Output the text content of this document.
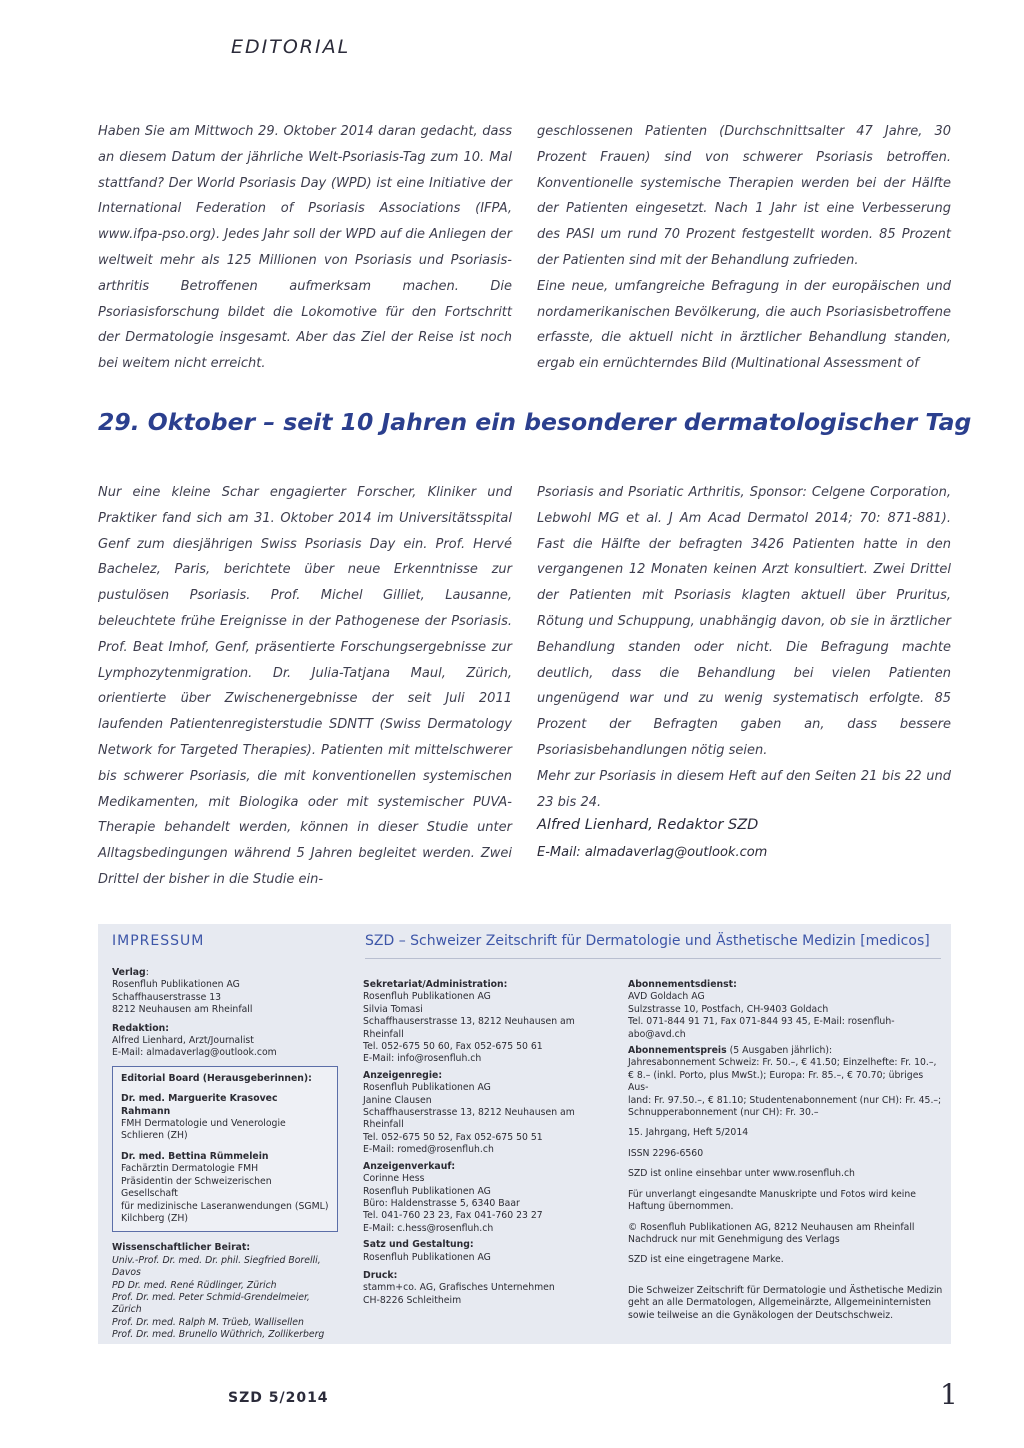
EDITORIAL

Haben Sie am Mittwoch 29. Oktober 2014 daran gedacht, dass an diesem Datum der jährliche Welt-Psoriasis-Tag zum 10. Mal stattfand? Der World Psoriasis Day (WPD) ist eine Initiative der International Federation of Psoriasis Associations (IFPA, www.ifpa-pso.org). Jedes Jahr soll der WPD auf die Anliegen der weltweit mehr als 125 Millionen von Psoriasis und Psoriasis-arthritis Betroffenen aufmerksam machen. Die Psoriasisforschung bildet die Lokomotive für den Fortschritt der Dermatologie insgesamt. Aber das Ziel der Reise ist noch bei weitem nicht erreicht.

geschlossenen Patienten (Durchschnittsalter 47 Jahre, 30 Prozent Frauen) sind von schwerer Psoriasis betroffen. Konventionelle systemische Therapien werden bei der Hälfte der Patienten eingesetzt. Nach 1 Jahr ist eine Verbesserung des PASI um rund 70 Prozent festgestellt worden. 85 Prozent der Patienten sind mit der Behandlung zufrieden.

Eine neue, umfangreiche Befragung in der europäischen und nordamerikanischen Bevölkerung, die auch Psoriasisbetroffene erfasste, die aktuell nicht in ärztlicher Behandlung standen, ergab ein ernüchterndes Bild (Multinational Assessment of

29. Oktober – seit 10 Jahren ein besonderer dermatologischer Tag

Nur eine kleine Schar engagierter Forscher, Kliniker und Praktiker fand sich am 31. Oktober 2014 im Universitätsspital Genf zum diesjährigen Swiss Psoriasis Day ein. Prof. Hervé Bachelez, Paris, berichtete über neue Erkenntnisse zur pustulösen Psoriasis. Prof. Michel Gilliet, Lausanne, beleuchtete frühe Ereignisse in der Pathogenese der Psoriasis. Prof. Beat Imhof, Genf, präsentierte Forschungsergebnisse zur Lymphozytenmigration. Dr. Julia-Tatjana Maul, Zürich, orientierte über Zwischenergebnisse der seit Juli 2011 laufenden Patientenregisterstudie SDNTT (Swiss Dermatology Network for Targeted Therapies). Patienten mit mittelschwerer bis schwerer Psoriasis, die mit konventionellen systemischen Medikamenten, mit Biologika oder mit systemischer PUVA-Therapie behandelt werden, können in dieser Studie unter Alltagsbedingungen während 5 Jahren begleitet werden. Zwei Drittel der bisher in die Studie ein-

Psoriasis and Psoriatic Arthritis, Sponsor: Celgene Corporation, Lebwohl MG et al. J Am Acad Dermatol 2014; 70: 871-881). Fast die Hälfte der befragten 3426 Patienten hatte in den vergangenen 12 Monaten keinen Arzt konsultiert. Zwei Drittel der Patienten mit Psoriasis klagten aktuell über Pruritus, Rötung und Schuppung, unabhängig davon, ob sie in ärztlicher Behandlung standen oder nicht. Die Befragung machte deutlich, dass die Behandlung bei vielen Patienten ungenügend war und zu wenig systematisch erfolgte. 85 Prozent der Befragten gaben an, dass bessere Psoriasisbehandlungen nötig seien.

Mehr zur Psoriasis in diesem Heft auf den Seiten 21 bis 22 und 23 bis 24.

Alfred Lienhard, Redaktor SZD
E-Mail: almadaverlag@outlook.com
IMPRESSUM	SZD – Schweizer Zeitschrift für Dermatologie und Ästhetische Medizin [medicos]
Verlag:
Rosenfluh Publikationen AG
Schaffhauserstrasse 13
8212 Neuhausen am Rheinfall
Redaktion:
Alfred Lienhard, Arzt/Journalist
E-Mail: almadaverlag@outlook.com
Editorial Board (Herausgeberinnen):
Dr. med. Marguerite Krasovec Rahmann
FMH Dermatologie und Venerologie
Schlieren (ZH)
Dr. med. Bettina Rümmelein
Fachärztin Dermatologie FMH
Präsidentin der Schweizerischen Gesellschaft
für medizinische Laseranwendungen (SGML)
Kilchberg (ZH)
Wissenschaftlicher Beirat:
Univ.-Prof. Dr. med. Dr. phil. Siegfried Borelli, Davos
PD Dr. med. René Rüdlinger, Zürich
Prof. Dr. med. Peter Schmid-Grendelmeier, Zürich
Prof. Dr. med. Ralph M. Trüeb, Wallisellen
Prof. Dr. med. Brunello Wüthrich, Zollikerberg
Sekretariat/Administration:
Rosenfluh Publikationen AG
Silvia Tomasi
Schaffhauserstrasse 13, 8212 Neuhausen am Rheinfall
Tel. 052-675 50 60, Fax 052-675 50 61
E-Mail: info@rosenfluh.ch
Anzeigenregie:
Rosenfluh Publikationen AG
Janine Clausen
Schaffhauserstrasse 13, 8212 Neuhausen am Rheinfall
Tel. 052-675 50 52, Fax 052-675 50 51
E-Mail: romed@rosenfluh.ch
Anzeigenverkauf:
Corinne Hess
Rosenfluh Publikationen AG
Büro: Haldenstrasse 5, 6340 Baar
Tel. 041-760 23 23, Fax 041-760 23 27
E-Mail: c.hess@rosenfluh.ch
Satz und Gestaltung:
Rosenfluh Publikationen AG
Druck:
stamm+co. AG, Grafisches Unternehmen
CH-8226 Schleitheim
Abonnementsdienst:
AVD Goldach AG
Sulzstrasse 10, Postfach, CH-9403 Goldach
Tel. 071-844 91 71, Fax 071-844 93 45, E-Mail: rosenfluh-abo@avd.ch
Abonnementspreis (5 Ausgaben jährlich):
Jahresabonnement Schweiz: Fr. 50.–, € 41.50; Einzelhefte: Fr. 10.–,
€ 8.– (inkl. Porto, plus MwSt.); Europa: Fr. 85.–, € 70.70; übriges Aus-
land: Fr. 97.50.–, € 81.10; Studentenabonnement (nur CH): Fr. 45.–;
Schnupperabonnement (nur CH): Fr. 30.–
15. Jahrgang, Heft 5/2014
ISSN 2296-6560
SZD ist online einsehbar unter www.rosenfluh.ch
Für unverlangt eingesandte Manuskripte und Fotos wird keine
Haftung übernommen.
© Rosenfluh Publikationen AG, 8212 Neuhausen am Rheinfall
Nachdruck nur mit Genehmigung des Verlags
SZD ist eine eingetragene Marke.
Die Schweizer Zeitschrift für Dermatologie und Ästhetische Medizin
geht an alle Dermatologen, Allgemeinärzte, Allgemeininternisten
sowie teilweise an die Gynäkologen der Deutschschweiz.
SZD 5/2014	1
